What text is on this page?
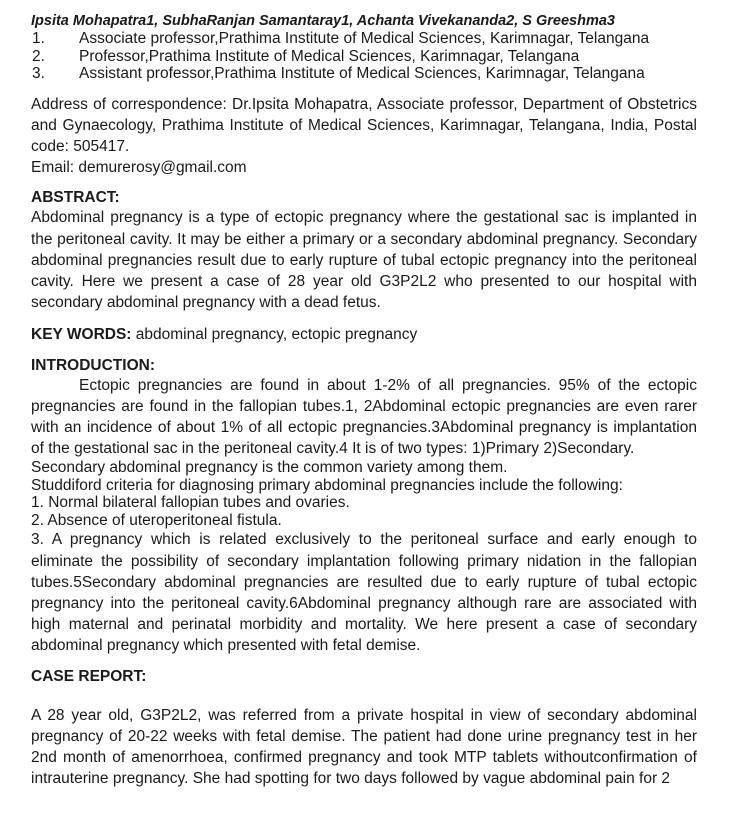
Ipsita Mohapatra1, SubhaRanjan Samantaray1, Achanta Vivekananda2, S Greeshma3
1. Associate professor,Prathima Institute of Medical Sciences, Karimnagar, Telangana
2. Professor,Prathima Institute of Medical Sciences, Karimnagar, Telangana
3. Assistant professor,Prathima Institute of Medical Sciences, Karimnagar, Telangana

Address of correspondence: Dr.Ipsita Mohapatra, Associate professor, Department of Obstetrics and Gynaecology, Prathima Institute of Medical Sciences, Karimnagar, Telangana, India, Postal code: 505417.

Email: demurerosy@gmail.com

ABSTRACT:

Abdominal pregnancy is a type of ectopic pregnancy where the gestational sac is implanted in the peritoneal cavity. It may be either a primary or a secondary abdominal pregnancy. Secondary abdominal pregnancies result due to early rupture of tubal ectopic pregnancy into the peritoneal cavity. Here we present a case of 28 year old G3P2L2 who presented to our hospital with secondary abdominal pregnancy with a dead fetus.

KEY WORDS: abdominal pregnancy, ectopic pregnancy

INTRODUCTION:

Ectopic pregnancies are found in about 1-2% of all pregnancies. 95% of the ectopic pregnancies are found in the fallopian tubes.1, 2Abdominal ectopic pregnancies are even rarer with an incidence of about 1% of all ectopic pregnancies.3Abdominal pregnancy is implantation of the gestational sac in the peritoneal cavity.4 It is of two types: 1)Primary 2)Secondary.

Secondary abdominal pregnancy is the common variety among them.

Studdiford criteria for diagnosing primary abdominal pregnancies include the following:

1. Normal bilateral fallopian tubes and ovaries.
2. Absence of uteroperitoneal fistula.

3. A pregnancy which is related exclusively to the peritoneal surface and early enough to eliminate the possibility of secondary implantation following primary nidation in the fallopian tubes.5Secondary abdominal pregnancies are resulted due to early rupture of tubal ectopic pregnancy into the peritoneal cavity.6Abdominal pregnancy although rare are associated with high maternal and perinatal morbidity and mortality. We here present a case of secondary abdominal pregnancy which presented with fetal demise.

CASE REPORT:

A 28 year old, G3P2L2, was referred from a private hospital in view of secondary abdominal pregnancy of 20-22 weeks with fetal demise. The patient had done urine pregnancy test in her 2nd month of amenorrhoea, confirmed pregnancy and took MTP tablets withoutconfirmation of intrauterine pregnancy. She had spotting for two days followed by vague abdominal pain for 2
